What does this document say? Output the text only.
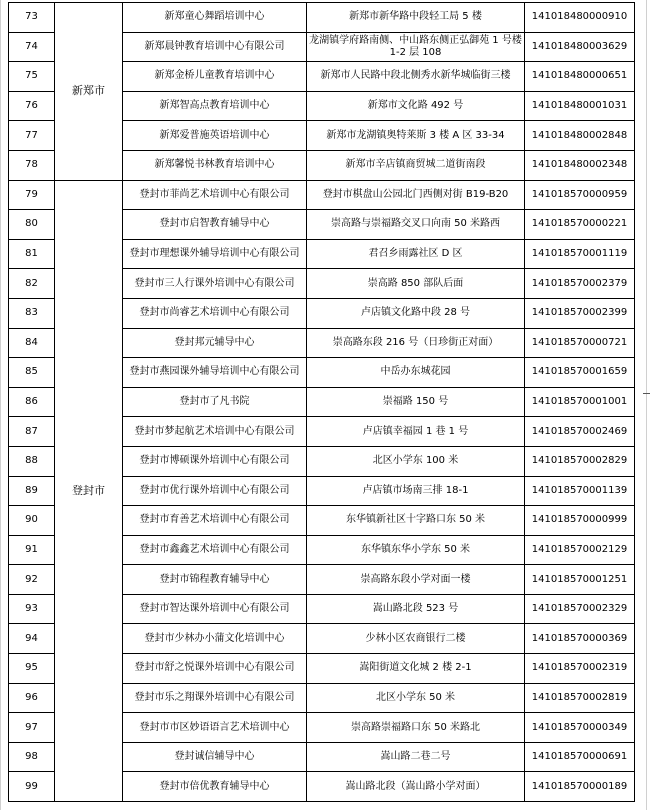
73	新郑市	新郑童心舞蹈培训中心	新郑市新华路中段轻工局 5 楼	141018480000910
74		新郑晨钟教育培训中心有限公司	龙湖镇学府路南侧、中山路东侧正弘御苑 1 号楼 1-2 层 108	141018480003629
75		新郑金桥儿童教育培训中心	新郑市人民路中段北侧秀水新华城临街三楼	141018480000651
76		新郑智高点教育培训中心	新郑市文化路 492 号	141018480001031
77		新郑爱普施英语培训中心	新郑市龙湖镇奥特莱斯 3 楼 A 区 33-34	141018480002848
78		新郑馨悦书林教育培训中心	新郑市辛店镇商贸城二道街南段	141018480002348
79	登封市	登封市菲尚艺术培训中心有限公司	登封市棋盘山公园北门西侧对街 B19-B20	141018570000959
80		登封市启智教育辅导中心	崇高路与崇福路交叉口向南 50 米路西	141018570000221
81		登封市理想课外辅导培训中心有限公司	君召乡雨露社区 D 区	141018570001119
82		登封市三人行课外培训中心有限公司	崇高路 850 部队后面	141018570002379
83		登封市尚睿艺术培训中心有限公司	卢店镇文化路中段 28 号	141018570002399
84		登封邦元辅导中心	崇高路东段 216 号（日珍街正对面）	141018570000721
85		登封市燕园课外辅导培训中心有限公司	中岳办东城花园	141018570001659
86		登封市了凡书院	崇福路 150 号	141018570001001
87		登封市梦起航艺术培训中心有限公司	卢店镇幸福园 1 巷 1 号	141018570002469
88		登封市博硕课外培训中心有限公司	北区小学东 100 米	141018570002829
89		登封市优行课外培训中心有限公司	卢店镇市场南三排 18-1	141018570001139
90		登封市育善艺术培训中心有限公司	东华镇新社区十字路口东 50 米	141018570000999
91		登封市鑫鑫艺术培训中心有限公司	东华镇东华小学东 50 米	141018570002129
92		登封市锦程教育辅导中心	崇高路东段小学对面一楼	141018570001251
93		登封市智达课外培训中心有限公司	嵩山路北段 523 号	141018570002329
94		登封市少林办小蒲文化培训中心	少林小区农商银行二楼	141018570000369
95		登封市舒之悦课外培训中心有限公司	嵩阳街道文化城 2 楼 2-1	141018570002319
96		登封市乐之翔课外培训中心有限公司	北区小学东 50 米	141018570002819
97		登封市市区妙语语言艺术培训中心	崇高路崇福路口东 50 米路北	141018570000349
98		登封诚信辅导中心	嵩山路二巷二号	141018570000691
99		登封市倍优教育辅导中心	嵩山路北段（嵩山路小学对面）	141018570000189
